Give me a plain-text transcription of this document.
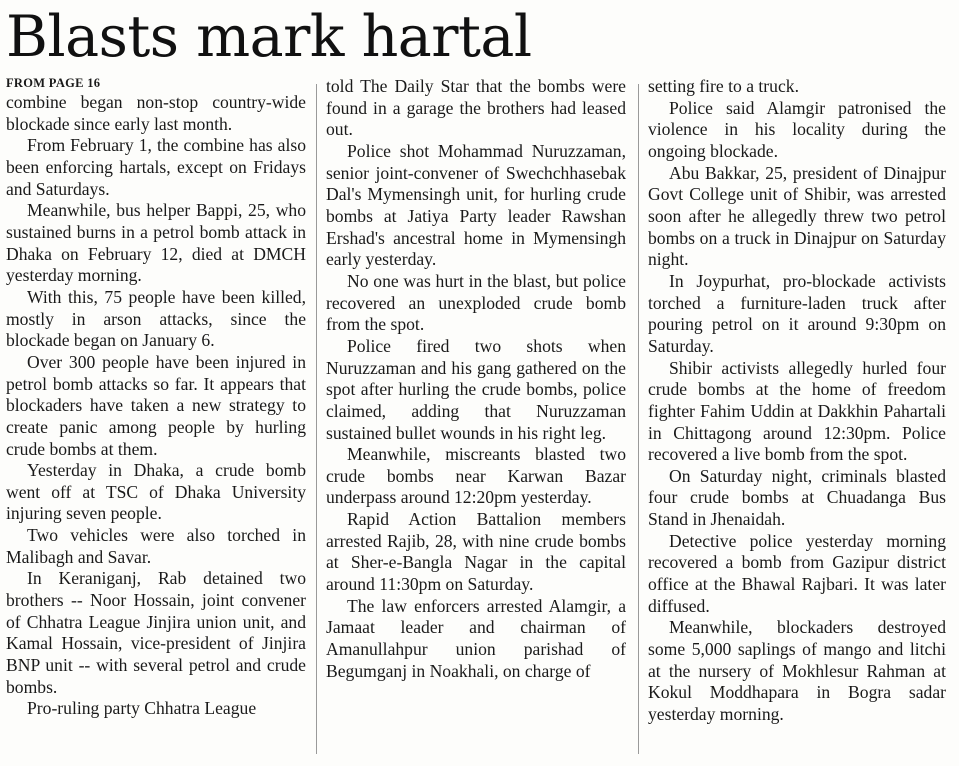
Blasts mark hartal
FROM PAGE 16

combine began non-stop country-wide blockade since early last month.

From February 1, the combine has also been enforcing hartals, except on Fridays and Saturdays.

Meanwhile, bus helper Bappi, 25, who sustained burns in a petrol bomb attack in Dhaka on February 12, died at DMCH yesterday morning.

With this, 75 people have been killed, mostly in arson attacks, since the blockade began on January 6.

Over 300 people have been injured in petrol bomb attacks so far. It appears that blockaders have taken a new strategy to create panic among people by hurling crude bombs at them.

Yesterday in Dhaka, a crude bomb went off at TSC of Dhaka University injuring seven people.

Two vehicles were also torched in Malibagh and Savar.

In Keraniganj, Rab detained two brothers -- Noor Hossain, joint convener of Chhatra League Jinjira union unit, and Kamal Hossain, vice-president of Jinjira BNP unit -- with several petrol and crude bombs.

Pro-ruling party Chhatra League

told The Daily Star that the bombs were found in a garage the brothers had leased out.

Police shot Mohammad Nuruzzaman, senior joint-convener of Swechchhasebak Dal's Mymensingh unit, for hurling crude bombs at Jatiya Party leader Rawshan Ershad's ancestral home in Mymensingh early yesterday.

No one was hurt in the blast, but police recovered an unexploded crude bomb from the spot.

Police fired two shots when Nuruzzaman and his gang gathered on the spot after hurling the crude bombs, police claimed, adding that Nuruzzaman sustained bullet wounds in his right leg.

Meanwhile, miscreants blasted two crude bombs near Karwan Bazar underpass around 12:20pm yesterday.

Rapid Action Battalion members arrested Rajib, 28, with nine crude bombs at Sher-e-Bangla Nagar in the capital around 11:30pm on Saturday.

The law enforcers arrested Alamgir, a Jamaat leader and chairman of Amanullahpur union parishad of Begumganj in Noakhali, on charge of

setting fire to a truck.

Police said Alamgir patronised the violence in his locality during the ongoing blockade.

Abu Bakkar, 25, president of Dinajpur Govt College unit of Shibir, was arrested soon after he allegedly threw two petrol bombs on a truck in Dinajpur on Saturday night.

In Joypurhat, pro-blockade activists torched a furniture-laden truck after pouring petrol on it around 9:30pm on Saturday.

Shibir activists allegedly hurled four crude bombs at the home of freedom fighter Fahim Uddin at Dakkhin Pahartali in Chittagong around 12:30pm. Police recovered a live bomb from the spot.

On Saturday night, criminals blasted four crude bombs at Chuadanga Bus Stand in Jhenaidah.

Detective police yesterday morning recovered a bomb from Gazipur district office at the Bhawal Rajbari. It was later diffused.

Meanwhile, blockaders destroyed some 5,000 saplings of mango and litchi at the nursery of Mokhlesur Rahman at Kokul Moddhapara in Bogra sadar yesterday morning.
